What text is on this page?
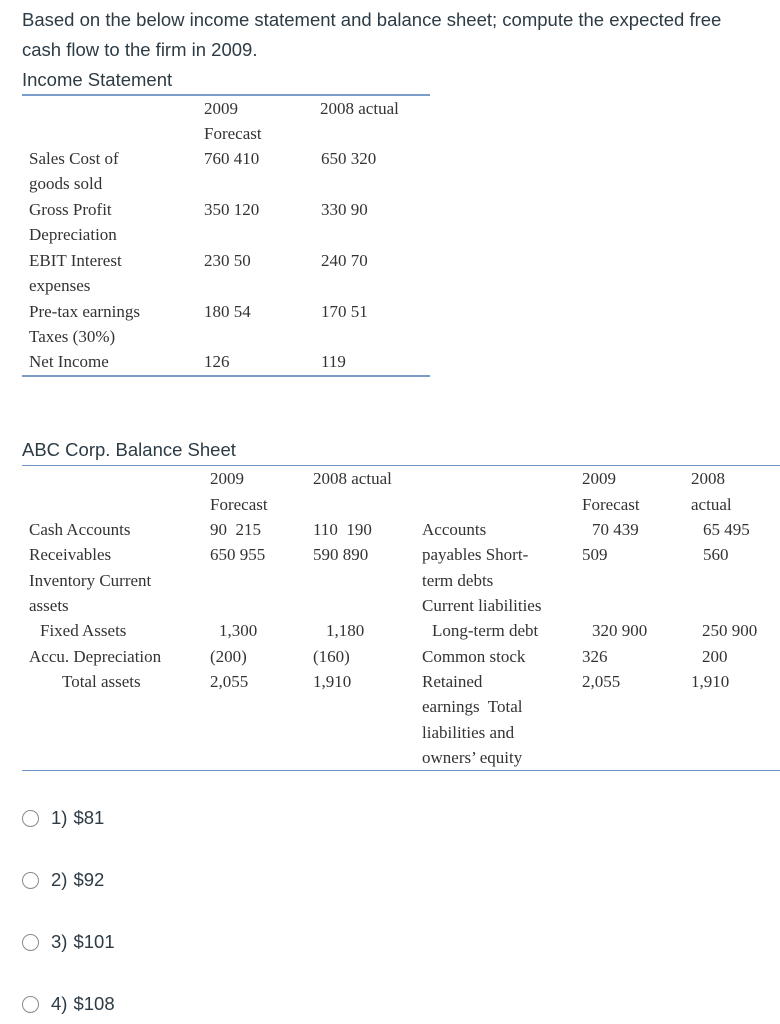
Based on the below income statement and balance sheet; compute the expected free
cash flow to the firm in 2009.
Income Statement
2009
Forecast
2008 actual
Sales Cost of
goods sold
Gross Profit
Depreciation
EBIT Interest
expenses
Pre-tax earnings
Taxes (30%)
Net Income
760 410
350 120
230 50
180 54
126
650 320
330 90
240 70
170 51
119
ABC Corp. Balance Sheet
2009
Forecast
2008 actual	2009
Forecast
2008
actual
Cash Accounts
Receivables
Inventory Current
assets
Fixed Assets
Accu. Depreciation
Total assets
90  215
650 955
1,300
(200)
2,055
110  190
590 890
1,180
(160)
1,910
Accounts
payables Short-
term debts
Current liabilities
Long-term debt
Common stock
Retained
earnings  Total
liabilities and
owners’ equity
70 439
509
320 900
326
2,055
65 495
560
250 900
200
1,910
1) $81
2) $92
3) $101
4) $108
